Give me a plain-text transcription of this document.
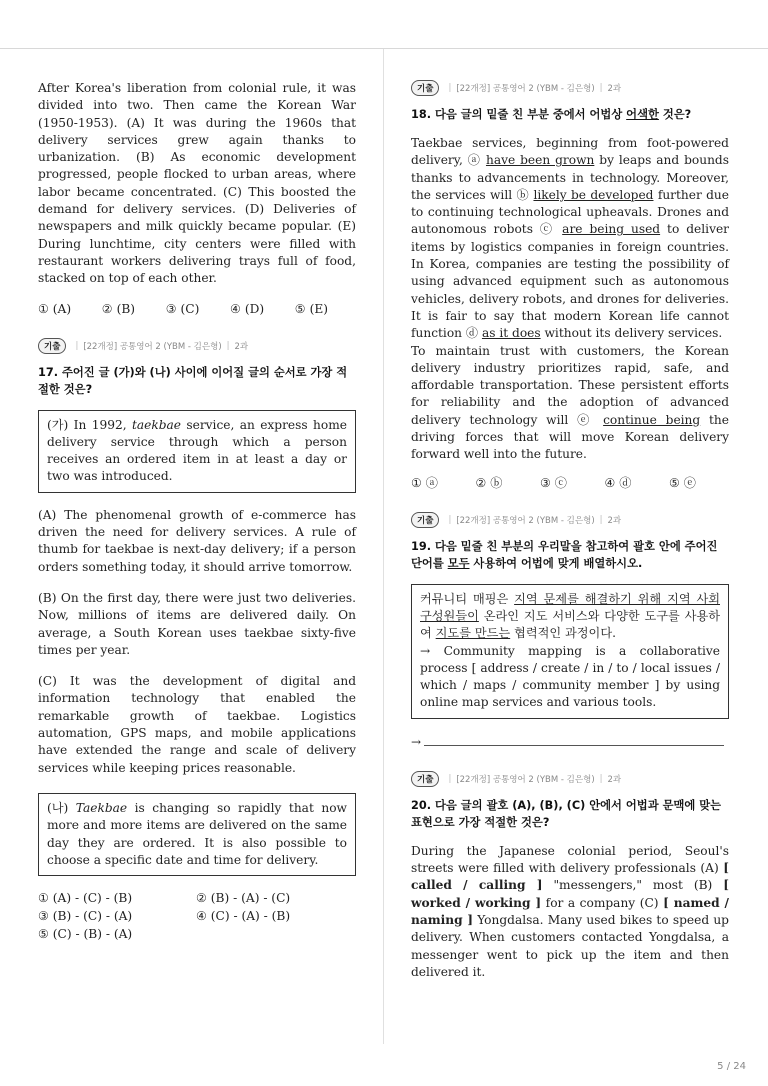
After Korea's liberation from colonial rule, it was divided into two. Then came the Korean War (1950-1953). (A) It was during the 1960s that delivery services grew again thanks to urbanization. (B) As economic development progressed, people flocked to urban areas, where labor became concentrated. (C) This boosted the demand for delivery services. (D) Deliveries of newspapers and milk quickly became popular. (E) During lunchtime, city centers were filled with restaurant workers delivering trays full of food, stacked on top of each other.

① (A)	② (B)	③ (C)	④ (D)	⑤ (E)
기출	| [22개정] 공통영어 2 (YBM - 김은형) | 2과
17. 주어진 글 (가)와 (나) 사이에 이어질 글의 순서로 가장 적절한 것은?

(가) In 1992, taekbae service, an express home delivery service through which a person receives an ordered item in at least a day or two was introduced.

(A) The phenomenal growth of e-commerce has driven the need for delivery services. A rule of thumb for taekbae is next-day delivery; if a person orders something today, it should arrive tomorrow.

(B) On the first day, there were just two deliveries. Now, millions of items are delivered daily. On average, a South Korean uses taekbae sixty-five times per year.

(C) It was the development of digital and information technology that enabled the remarkable growth of taekbae. Logistics automation, GPS maps, and mobile applications have extended the range and scale of delivery services while keeping prices reasonable.

(나) Taekbae is changing so rapidly that now more and more items are delivered on the same day they are ordered. It is also possible to choose a specific date and time for delivery.

① (A) - (C) - (B)	② (B) - (A) - (C)
③ (B) - (C) - (A)	④ (C) - (A) - (B)
⑤ (C) - (B) - (A)
기출	| [22개정] 공통영어 2 (YBM - 김은형) | 2과
18. 다음 글의 밑줄 친 부분 중에서 어법상 어색한 것은?

Taekbae services, beginning from foot-powered delivery, ⓐ have been grown by leaps and bounds thanks to advancements in technology. Moreover, the services will ⓑ likely be developed further due to continuing technological upheavals. Drones and autonomous robots ⓒ are being used to deliver items by logistics companies in foreign countries. In Korea, companies are testing the possibility of using advanced equipment such as autonomous vehicles, delivery robots, and drones for deliveries. It is fair to say that modern Korean life cannot function ⓓ as it does without its delivery services.

To maintain trust with customers, the Korean delivery industry prioritizes rapid, safe, and affordable transportation. These persistent efforts for reliability and the adoption of advanced delivery technology will ⓔ continue being the driving forces that will move Korean delivery forward well into the future.

① ⓐ	② ⓑ	③ ⓒ	④ ⓓ	⑤ ⓔ
기출	| [22개정] 공통영어 2 (YBM - 김은형) | 2과
19. 다음 밑줄 친 부분의 우리말을 참고하여 괄호 안에 주어진 단어를 모두 사용하여 어법에 맞게 배열하시오.

커뮤니티 매핑은 지역 문제를 해결하기 위해 지역 사회 구성원들이 온라인 지도 서비스와 다양한 도구를 사용하여 지도를 만드는 협력적인 과정이다.

→ Community mapping is a collaborative process [ address / create / in / to / local issues / which / maps / community member ] by using online map services and various tools.

→
기출	| [22개정] 공통영어 2 (YBM - 김은형) | 2과
20. 다음 글의 괄호 (A), (B), (C) 안에서 어법과 문맥에 맞는 표현으로 가장 적절한 것은?

During the Japanese colonial period, Seoul's streets were filled with delivery professionals (A) [ called / calling ] "messengers," most (B) [ worked / working ] for a company (C) [ named / naming ] Yongdalsa. Many used bikes to speed up delivery. When customers contacted Yongdalsa, a messenger went to pick up the item and then delivered it.

5 / 24
